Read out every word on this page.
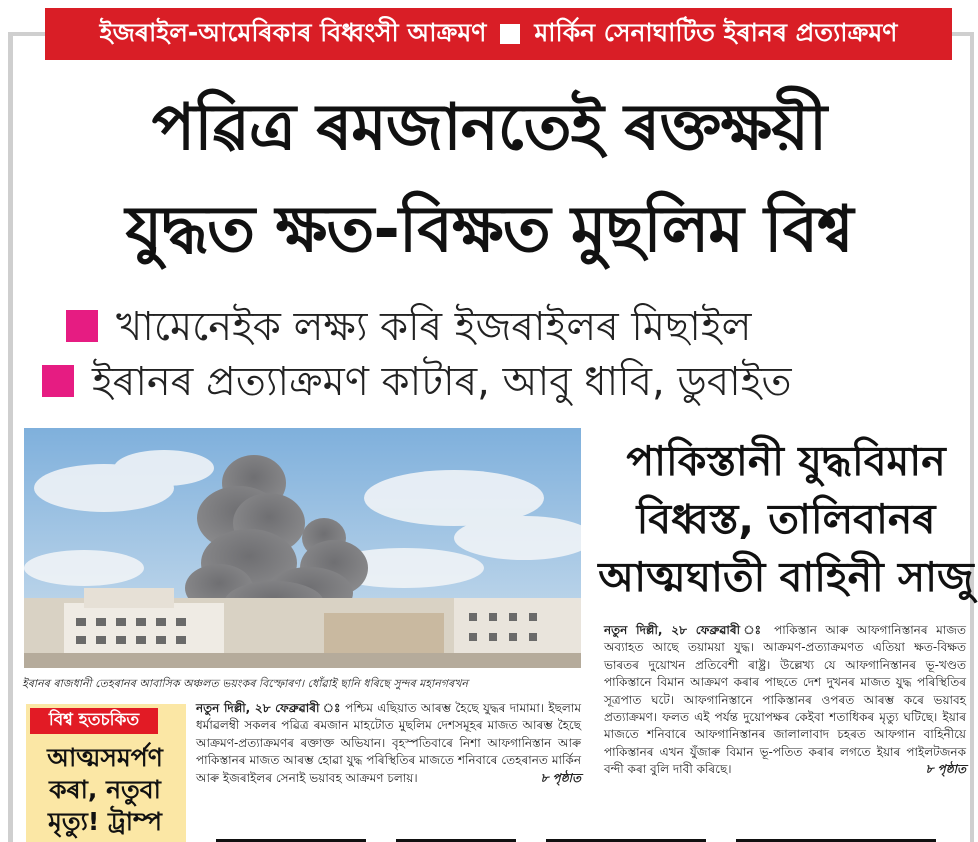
ইজৰাইল-আমেৰিকাৰ বিধ্বংসী আক্ৰমণ মাৰ্কিন সেনাঘাটিত ইৰানৰ প্ৰত্যাক্ৰমণ
পৱিত্ৰ ৰমজানতেই ৰক্তক্ষয়ী
যুদ্ধত ক্ষত-বিক্ষত মুছলিম বিশ্ব
খামেনেইক লক্ষ্য কৰি ইজৰাইলৰ মিছাইল
ইৰানৰ প্ৰত্যাক্ৰমণ কাটাৰ, আবু ধাবি, ডুবাইত
ইৰানৰ ৰাজধানী তেহৰানৰ আবাসিক অঞ্চলত ভয়ংকৰ বিস্ফোৰণ। ধোঁৱাই ছানি ধৰিছে সুন্দৰ মহানগৰখন
পাকিস্তানী যুদ্ধবিমান
বিধ্বস্ত, তালিবানৰ
আত্মঘাতী বাহিনী সাজু
নতুন দিল্লী, ২৮ ফেব্ৰুৱাৰী ঃ পাকিস্তান আৰু আফগানিস্তানৰ মাজত অব্যাহত আছে তয়াময়া যুদ্ধ। আক্ৰমণ-প্ৰত্যাক্ৰমণত এতিয়া ক্ষত-বিক্ষত ভাৰতৰ দুয়োখন প্ৰতিবেশী ৰাষ্ট্ৰ। উল্লেখ্য যে আফগানিস্তানৰ ভূ-খণ্ডত পাকিস্তানে বিমান আক্ৰমণ কৰাৰ পাছতে দেশ দুখনৰ মাজত যুদ্ধ পৰিস্থিতিৰ সূত্ৰপাত ঘটে। আফগানিস্তানে পাকিস্তানৰ ওপৰত আৰম্ভ কৰে ভয়াবহ প্ৰত্যাক্ৰমণ। ফলত এই পৰ্যন্ত দুয়োপক্ষৰ কেইবা শতাধিকৰ মৃত্যু ঘটিছে। ইয়াৰ মাজতে শনিবাৰে আফগানিস্তানৰ জালালাবাদ চহৰত আফগান বাহিনীয়ে পাকিস্তানৰ এখন যুঁজাৰু বিমান ভূ-পতিত কৰাৰ লগতে ইয়াৰ পাইলটজনক বন্দী কৰা বুলি দাবী কৰিছে।	৮ পৃষ্ঠাত
বিশ্ব হতচকিত
আত্মসমৰ্পণ কৰা, নতুবা মৃত্যু! ট্ৰাম্প
নতুন দিল্লী, ২৮ ফেব্ৰুৱাৰী ঃ পশ্চিম এছিয়াত আৰম্ভ হৈছে যুদ্ধৰ দামামা। ইছলাম ধৰ্মাৱলম্বী সকলৰ পৱিত্ৰ ৰমজান মাহটোত মুছলিম দেশসমূহৰ মাজত আৰম্ভ হৈছে আক্ৰমণ-প্ৰত্যাক্ৰমণৰ ৰক্তাক্ত অভিযান। বৃহস্পতিবাৰে নিশা আফগানিস্তান আৰু পাকিস্তানৰ মাজত আৰম্ভ হোৱা যুদ্ধ পৰিস্থিতিৰ মাজতে শনিবাৰে তেহৰানত মাৰ্কিন আৰু ইজৰাইলৰ সেনাই ভয়াবহ আক্ৰমণ চলায়।	৮ পৃষ্ঠাত
